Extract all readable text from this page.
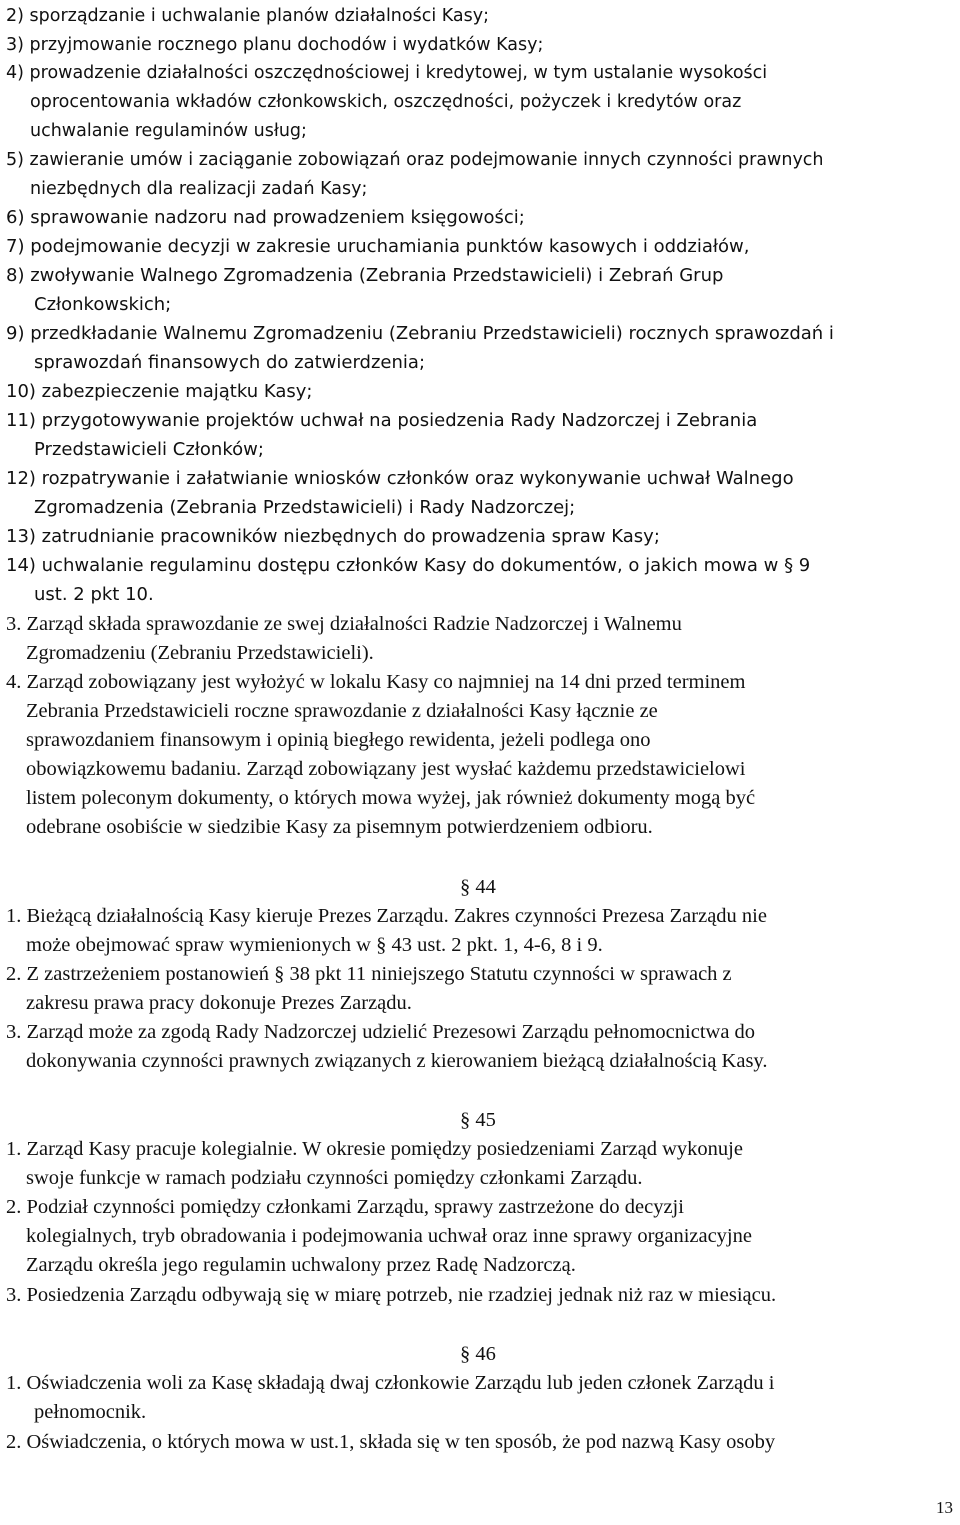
2) sporządzanie i uchwalanie planów działalności Kasy;
3) przyjmowanie rocznego planu dochodów i wydatków Kasy;
4) prowadzenie działalności oszczędnościowej i kredytowej, w tym ustalanie wysokości
oprocentowania wkładów członkowskich, oszczędności, pożyczek i kredytów oraz
uchwalanie regulaminów usług;
5) zawieranie umów i zaciąganie zobowiązań oraz podejmowanie innych czynności prawnych
niezbędnych dla realizacji zadań Kasy;
6) sprawowanie nadzoru nad prowadzeniem księgowości;
7) podejmowanie decyzji w zakresie uruchamiania punktów kasowych i oddziałów,
8) zwoływanie Walnego Zgromadzenia (Zebrania Przedstawicieli) i Zebrań Grup
Członkowskich;
9) przedkładanie Walnemu Zgromadzeniu (Zebraniu Przedstawicieli) rocznych sprawozdań i
sprawozdań finansowych do zatwierdzenia;
10) zabezpieczenie majątku Kasy;
11) przygotowywanie projektów uchwał na posiedzenia Rady Nadzorczej i Zebrania
Przedstawicieli Członków;
12) rozpatrywanie i załatwianie wniosków członków oraz wykonywanie uchwał Walnego
Zgromadzenia (Zebrania Przedstawicieli) i Rady Nadzorczej;
13) zatrudnianie pracowników niezbędnych do prowadzenia spraw Kasy;
14) uchwalanie regulaminu dostępu członków Kasy do dokumentów, o jakich mowa w § 9
ust. 2 pkt 10.
3. Zarząd składa sprawozdanie ze swej działalności Radzie Nadzorczej i Walnemu
Zgromadzeniu (Zebraniu Przedstawicieli).
4. Zarząd zobowiązany jest wyłożyć w lokalu Kasy co najmniej na 14 dni przed terminem
Zebrania Przedstawicieli roczne sprawozdanie z działalności Kasy łącznie ze
sprawozdaniem finansowym i opinią biegłego rewidenta, jeżeli podlega ono
obowiązkowemu badaniu. Zarząd zobowiązany jest wysłać każdemu przedstawicielowi
listem poleconym dokumenty, o których mowa wyżej, jak również dokumenty mogą być
odebrane osobiście w siedzibie Kasy za pisemnym potwierdzeniem odbioru.
§ 44
1. Bieżącą działalnością Kasy kieruje Prezes Zarządu. Zakres czynności Prezesa Zarządu nie
może obejmować spraw wymienionych w § 43 ust. 2 pkt. 1, 4-6, 8 i 9.
2. Z zastrzeżeniem postanowień § 38 pkt 11 niniejszego Statutu czynności w sprawach z
zakresu prawa pracy dokonuje Prezes Zarządu.
3. Zarząd może za zgodą Rady Nadzorczej udzielić Prezesowi Zarządu pełnomocnictwa do
dokonywania czynności prawnych związanych z kierowaniem bieżącą działalnością Kasy.
§ 45
1. Zarząd Kasy pracuje kolegialnie. W okresie pomiędzy posiedzeniami Zarząd wykonuje
swoje funkcje w ramach podziału czynności pomiędzy członkami Zarządu.
2. Podział czynności pomiędzy członkami Zarządu, sprawy zastrzeżone do decyzji
kolegialnych, tryb obradowania i podejmowania uchwał oraz inne sprawy organizacyjne
Zarządu określa jego regulamin uchwalony przez Radę Nadzorczą.
3. Posiedzenia Zarządu odbywają się w miarę potrzeb, nie rzadziej jednak niż raz w miesiącu.
§ 46
1. Oświadczenia woli za Kasę składają dwaj członkowie Zarządu lub jeden członek Zarządu i
pełnomocnik.
2. Oświadczenia, o których mowa w ust.1, składa się w ten sposób, że pod nazwą Kasy osoby
13
